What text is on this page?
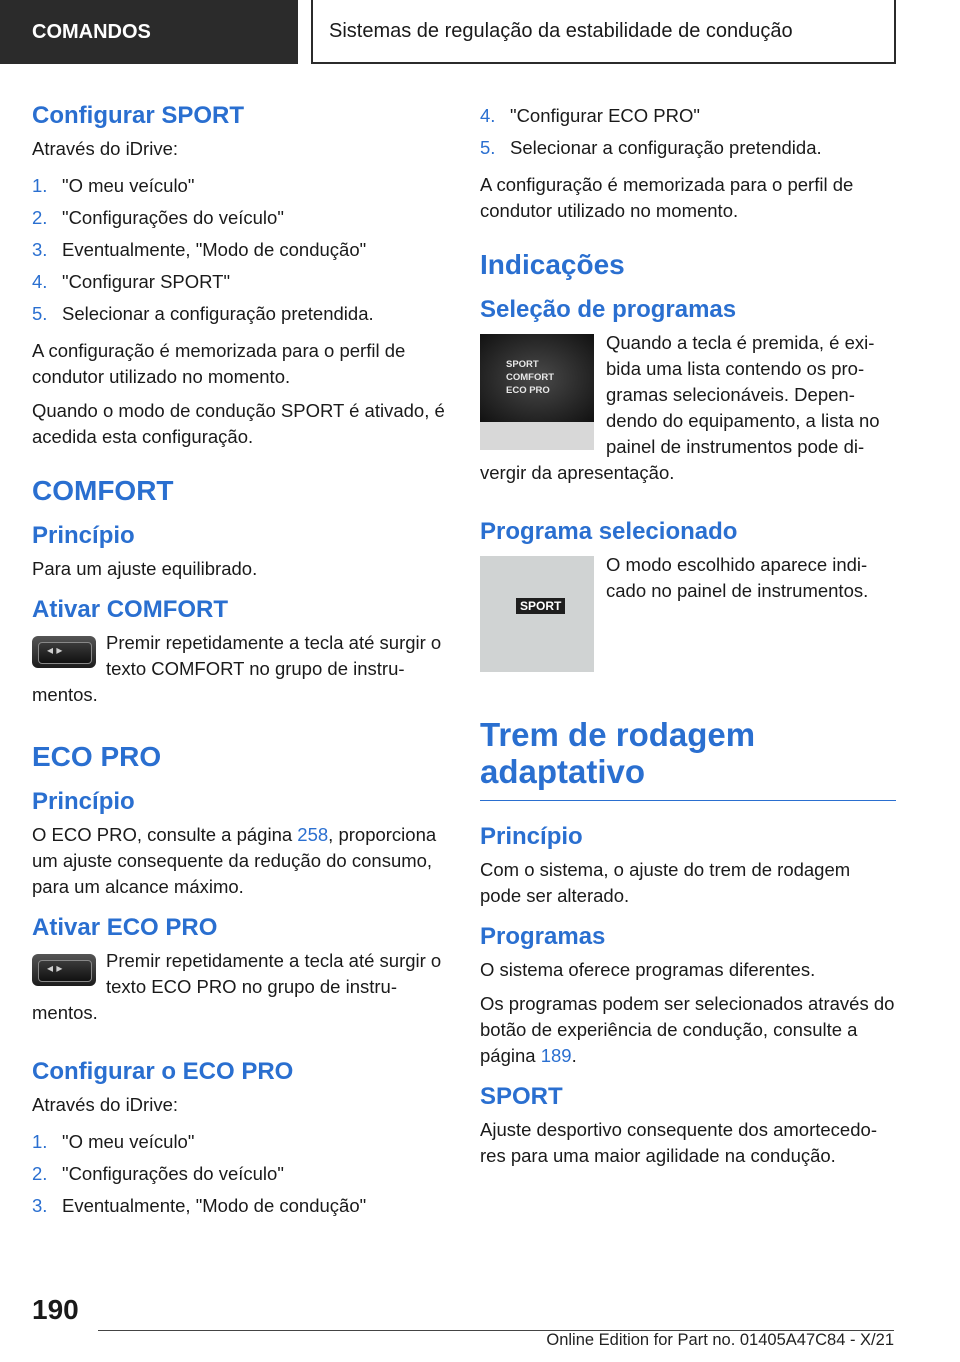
COMANDOS	Sistemas de regulação da estabilidade de condução
Configurar SPORT

Através do iDrive:

1. "O meu veículo"
2. "Configurações do veículo"
3. Eventualmente, "Modo de condução"
4. "Configurar SPORT"
5. Selecionar a configuração pretendida.

A configuração é memorizada para o perfil de condutor utilizado no momento.

Quando o modo de condução SPORT é ativado, é acedida esta configuração.

COMFORT
Princípio

Para um ajuste equilibrado.

Ativar COMFORT
◂ ▸

Premir repetidamente a tecla até surgir o texto COMFORT no grupo de instrumentos.

ECO PRO
Princípio

O ECO PRO, consulte a página 258, proporciona um ajuste consequente da redução do consumo, para um alcance máximo.

Ativar ECO PRO
◂ ▸

Premir repetidamente a tecla até surgir o texto ECO PRO no grupo de instrumentos.

Configurar o ECO PRO

Através do iDrive:

1. "O meu veículo"
2. "Configurações do veículo"
3. Eventualmente, "Modo de condução"
4. "Configurar ECO PRO"
5. Selecionar a configuração pretendida.

A configuração é memorizada para o perfil de condutor utilizado no momento.

Indicações
Seleção de programas
SPORT
COMFORT
ECO PRO

Quando a tecla é premida, é exibida uma lista contendo os programas selecionáveis. Dependendo do equipamento, a lista no painel de instrumentos pode divergir da apresentação.

Programa selecionado
SPORT

O modo escolhido aparece indicado no painel de instrumentos.

Trem de rodagem adaptativo
Princípio

Com o sistema, o ajuste do trem de rodagem pode ser alterado.

Programas

O sistema oferece programas diferentes.

Os programas podem ser selecionados através do botão de experiência de condução, consulte a página 189.

SPORT

Ajuste desportivo consequente dos amortecedores para uma maior agilidade na condução.

190
Online Edition for Part no. 01405A47C84 - X/21
